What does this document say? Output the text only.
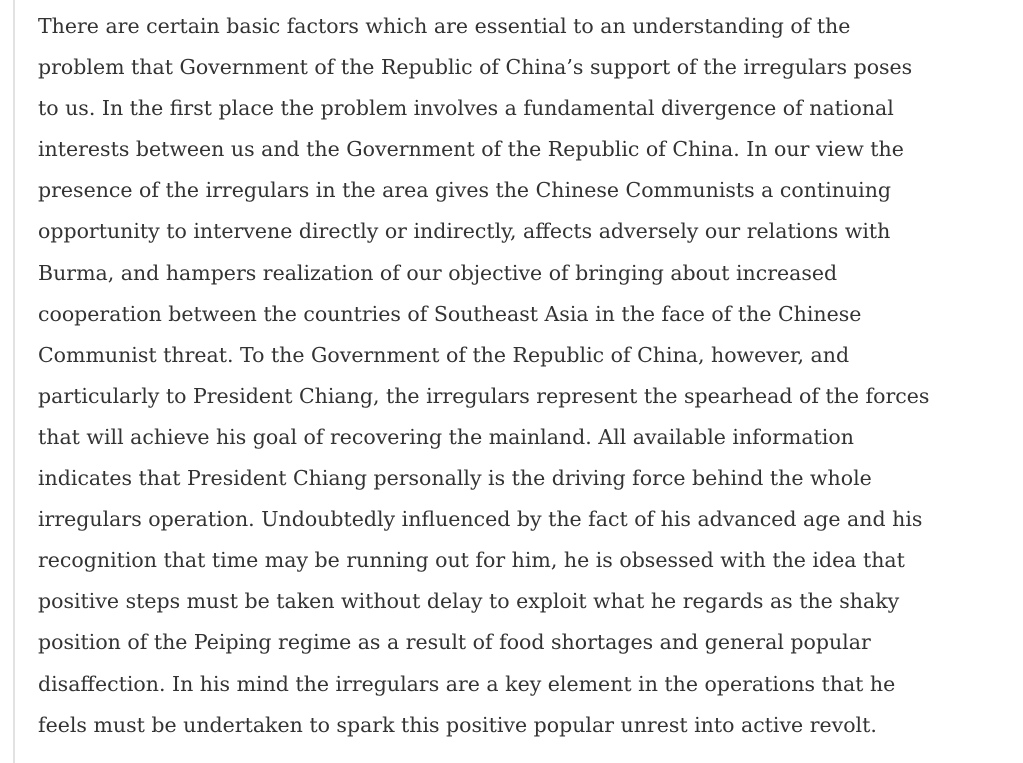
There are certain basic factors which are essential to an understanding of the
problem that Government of the Republic of China’s support of the irregulars poses
to us. In the first place the problem involves a fundamental divergence of national
interests between us and the Government of the Republic of China. In our view the
presence of the irregulars in the area gives the Chinese Communists a continuing
opportunity to intervene directly or indirectly, affects adversely our relations with
Burma, and hampers realization of our objective of bringing about increased
cooperation between the countries of Southeast Asia in the face of the Chinese
Communist threat. To the Government of the Republic of China, however, and
particularly to President Chiang, the irregulars represent the spearhead of the forces
that will achieve his goal of recovering the mainland. All available information
indicates that President Chiang personally is the driving force behind the whole
irregulars operation. Undoubtedly influenced by the fact of his advanced age and his
recognition that time may be running out for him, he is obsessed with the idea that
positive steps must be taken without delay to exploit what he regards as the shaky
position of the Peiping regime as a result of food shortages and general popular
disaffection. In his mind the irregulars are a key element in the operations that he
feels must be undertaken to spark this positive popular unrest into active revolt.
